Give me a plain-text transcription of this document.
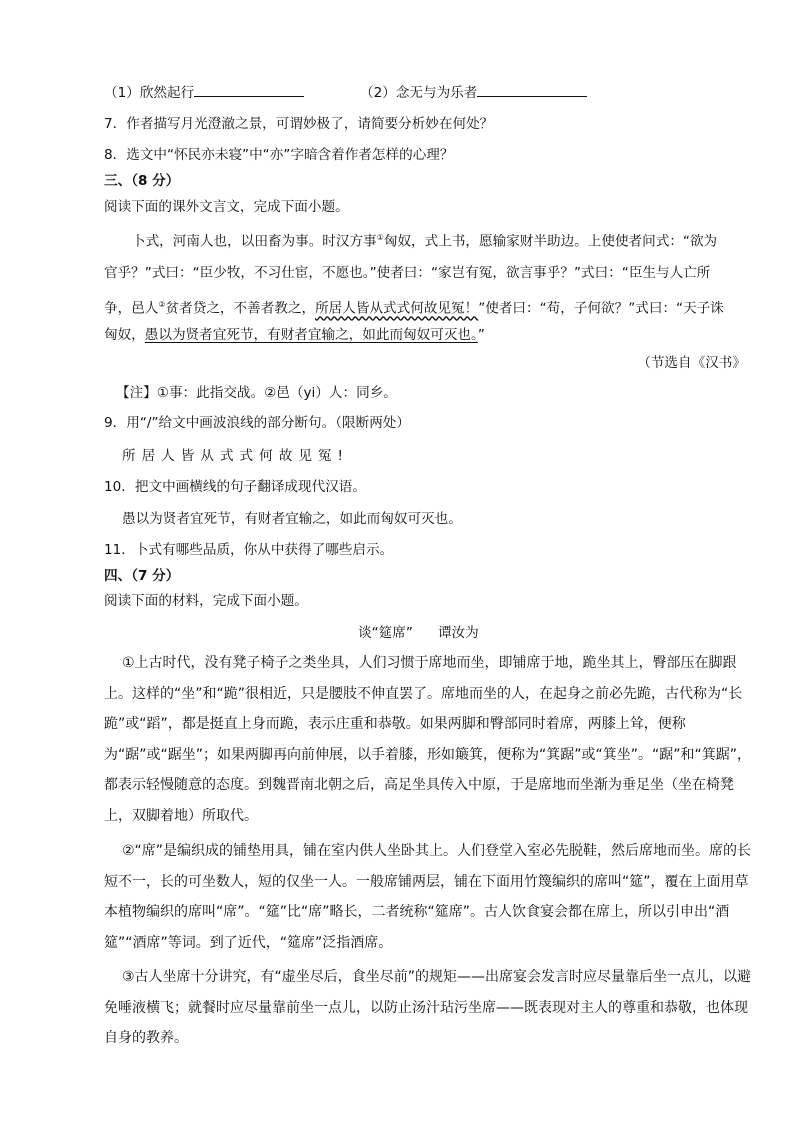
（1）欣然起行	（2）念无与为乐者
7．作者描写月光澄澈之景，可谓妙极了，请简要分析妙在何处？
8．选文中“怀民亦未寝”中“亦”字暗含着作者怎样的心理？
三、（8 分）
阅读下面的课外文言文，完成下面小题。
卜式，河南人也，以田畜为事。时汉方事①匈奴，式上书，愿输家财半助边。上使使者问式：“欲为
官乎？”式曰：“臣少牧，不习仕宦，不愿也。”使者曰：“家岂有冤，欲言事乎？”式曰：“臣生与人亡所
争，邑人②贫者贷之，不善者教之，所居人皆从式式何故见冤！”使者曰：“苟，子何欲？”式曰：“天子诛
匈奴，愚以为贤者宜死节，有财者宜输之，如此而匈奴可灭也。”
（节选自《汉书》
【注】①事：此指交战。②邑（yi）人：同乡。
9．用“/”给文中画波浪线的部分断句。（限断两处）
所居人皆从式式何故见冤!
10．把文中画横线的句子翻译成现代汉语。
愚以为贤者宜死节，有财者宜输之，如此而匈奴可灭也。
11．卜式有哪些品质，你从中获得了哪些启示。
四、（7 分）
阅读下面的材料，完成下面小题。
谈“筵席” 谭汝为
①上古时代，没有凳子椅子之类坐具，人们习惯于席地而坐，即铺席于地，跪坐其上，臀部压在脚跟上。这样的“坐”和“跪”很相近，只是腰肢不伸直罢了。席地而坐的人，在起身之前必先跪，古代称为“长跪”或“蹈”，都是挺直上身而跪，表示庄重和恭敬。如果两脚和臀部同时着席，两膝上耸，便称为“踞”或“踞坐”；如果两脚再向前伸展，以手着膝，形如簸箕，便称为“箕踞”或“箕坐”。“踞”和“箕踞”，都表示轻慢随意的态度。到魏晋南北朝之后，高足坐具传入中原，于是席地而坐渐为垂足坐（坐在椅凳上，双脚着地）所取代。
②“席”是编织成的铺垫用具，铺在室内供人坐卧其上。人们登堂入室必先脱鞋，然后席地而坐。席的长短不一，长的可坐数人，短的仅坐一人。一般席铺两层，铺在下面用竹篾编织的席叫“筵”，覆在上面用草本植物编织的席叫“席”。“筵”比“席”略长，二者统称“筵席”。古人饮食宴会都在席上，所以引申出“酒筵”“酒席”等词。到了近代，“筵席”泛指酒席。
③古人坐席十分讲究，有“虚坐尽后，食坐尽前”的规矩——出席宴会发言时应尽量靠后坐一点儿，以避免唾液横飞；就餐时应尽量靠前坐一点儿，以防止汤汁玷污坐席——既表现对主人的尊重和恭敬，也体现自身的教养。
